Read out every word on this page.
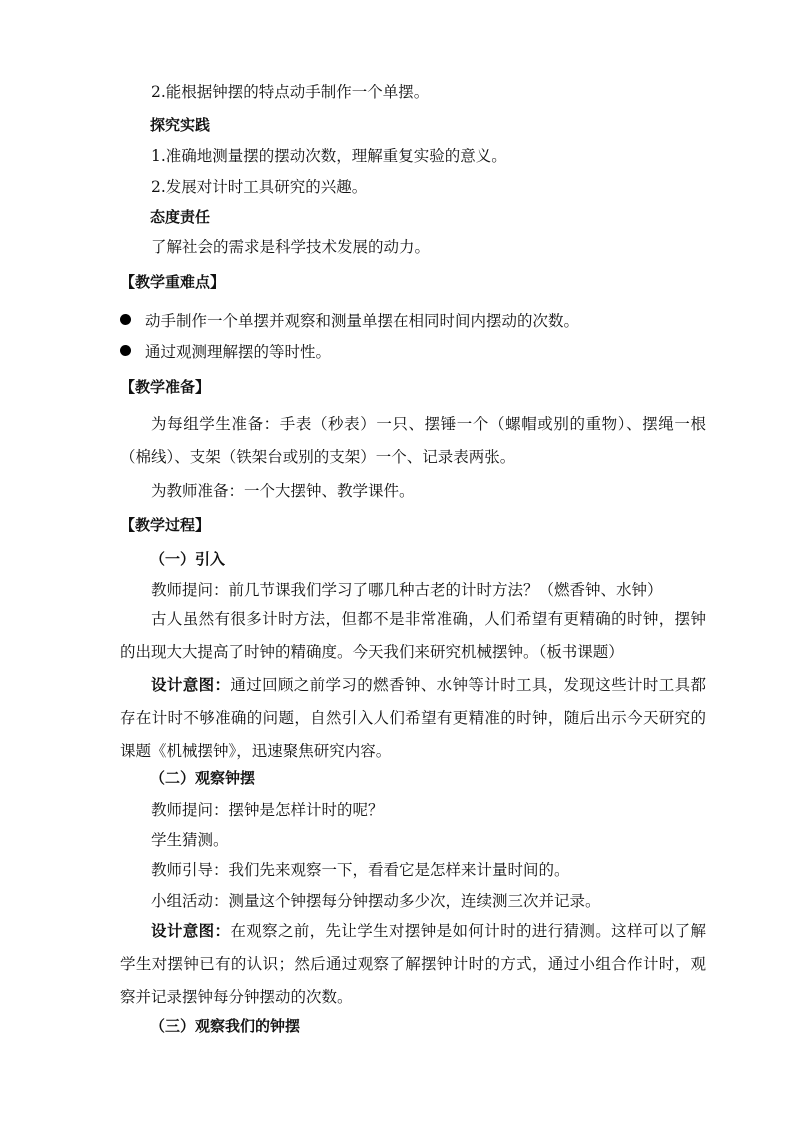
2.能根据钟摆的特点动手制作一个单摆。
探究实践
1.准确地测量摆的摆动次数，理解重复实验的意义。
2.发展对计时工具研究的兴趣。
态度责任
了解社会的需求是科学技术发展的动力。
【教学重难点】
动手制作一个单摆并观察和测量单摆在相同时间内摆动的次数。
通过观测理解摆的等时性。
【教学准备】
为每组学生准备：手表（秒表）一只、摆锤一个（螺帽或别的重物）、摆绳一根（棉线）、支架（铁架台或别的支架）一个、记录表两张。
为教师准备：一个大摆钟、教学课件。
【教学过程】
（一）引入
教师提问：前几节课我们学习了哪几种古老的计时方法？（燃香钟、水钟）
古人虽然有很多计时方法，但都不是非常准确，人们希望有更精确的时钟，摆钟的出现大大提高了时钟的精确度。今天我们来研究机械摆钟。（板书课题）
设计意图：通过回顾之前学习的燃香钟、水钟等计时工具，发现这些计时工具都存在计时不够准确的问题，自然引入人们希望有更精准的时钟，随后出示今天研究的课题《机械摆钟》，迅速聚焦研究内容。
（二）观察钟摆
教师提问：摆钟是怎样计时的呢？
学生猜测。
教师引导：我们先来观察一下，看看它是怎样来计量时间的。
小组活动：测量这个钟摆每分钟摆动多少次，连续测三次并记录。
设计意图：在观察之前，先让学生对摆钟是如何计时的进行猜测。这样可以了解学生对摆钟已有的认识；然后通过观察了解摆钟计时的方式，通过小组合作计时，观察并记录摆钟每分钟摆动的次数。
（三）观察我们的钟摆
